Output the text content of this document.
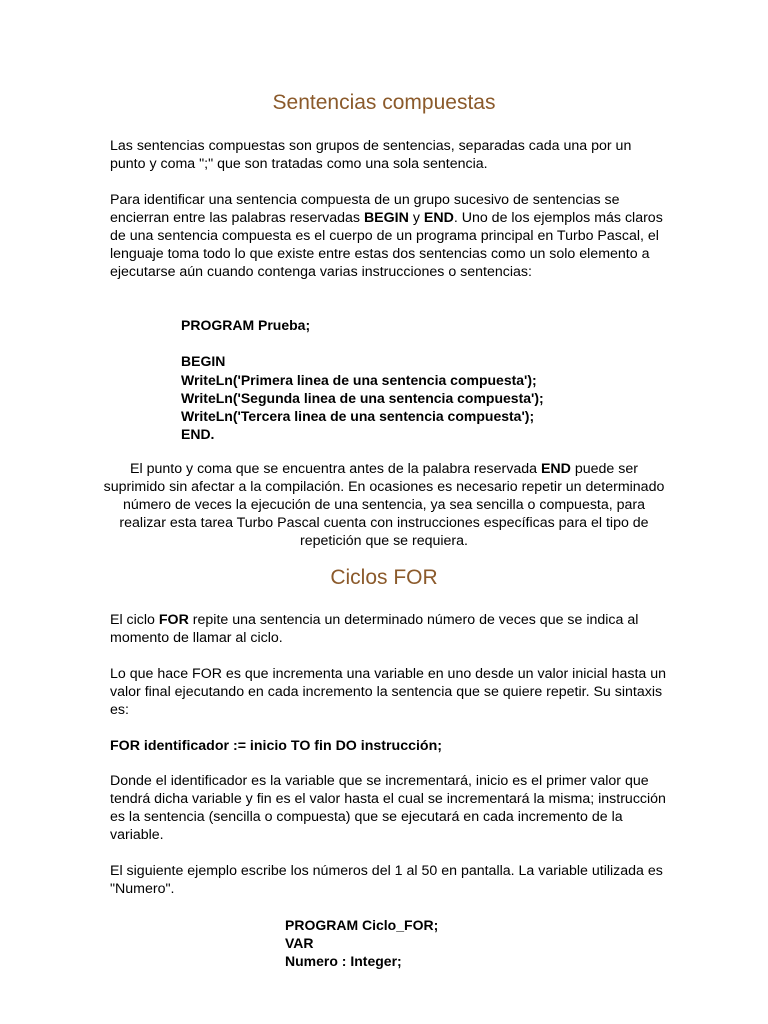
Sentencias compuestas

Las sentencias compuestas son grupos de sentencias, separadas cada una por un punto y coma ";" que son tratadas como una sola sentencia.

Para identificar una sentencia compuesta de un grupo sucesivo de sentencias se encierran entre las palabras reservadas BEGIN y END. Uno de los ejemplos más claros de una sentencia compuesta es el cuerpo de un programa principal en Turbo Pascal, el lenguaje toma todo lo que existe entre estas dos sentencias como un solo elemento a ejecutarse aún cuando contenga varias instrucciones o sentencias:

PROGRAM Prueba;

BEGIN
WriteLn('Primera linea de una sentencia compuesta');
WriteLn('Segunda linea de una sentencia compuesta');
WriteLn('Tercera linea de una sentencia compuesta');
END.

El punto y coma que se encuentra antes de la palabra reservada END puede ser suprimido sin afectar a la compilación. En ocasiones es necesario repetir un determinado número de veces la ejecución de una sentencia, ya sea sencilla o compuesta, para realizar esta tarea Turbo Pascal cuenta con instrucciones específicas para el tipo de repetición que se requiera.

Ciclos FOR

El ciclo FOR repite una sentencia un determinado número de veces que se indica al momento de llamar al ciclo.

Lo que hace FOR es que incrementa una variable en uno desde un valor inicial hasta un valor final ejecutando en cada incremento la sentencia que se quiere repetir. Su sintaxis es:

FOR identificador := inicio TO fin DO instrucción;

Donde el identificador es la variable que se incrementará, inicio es el primer valor que tendrá dicha variable y fin es el valor hasta el cual se incrementará la misma; instrucción es la sentencia (sencilla o compuesta) que se ejecutará en cada incremento de la variable.

El siguiente ejemplo escribe los números del 1 al 50 en pantalla. La variable utilizada es "Numero".

PROGRAM Ciclo_FOR;
VAR
Numero : Integer;
